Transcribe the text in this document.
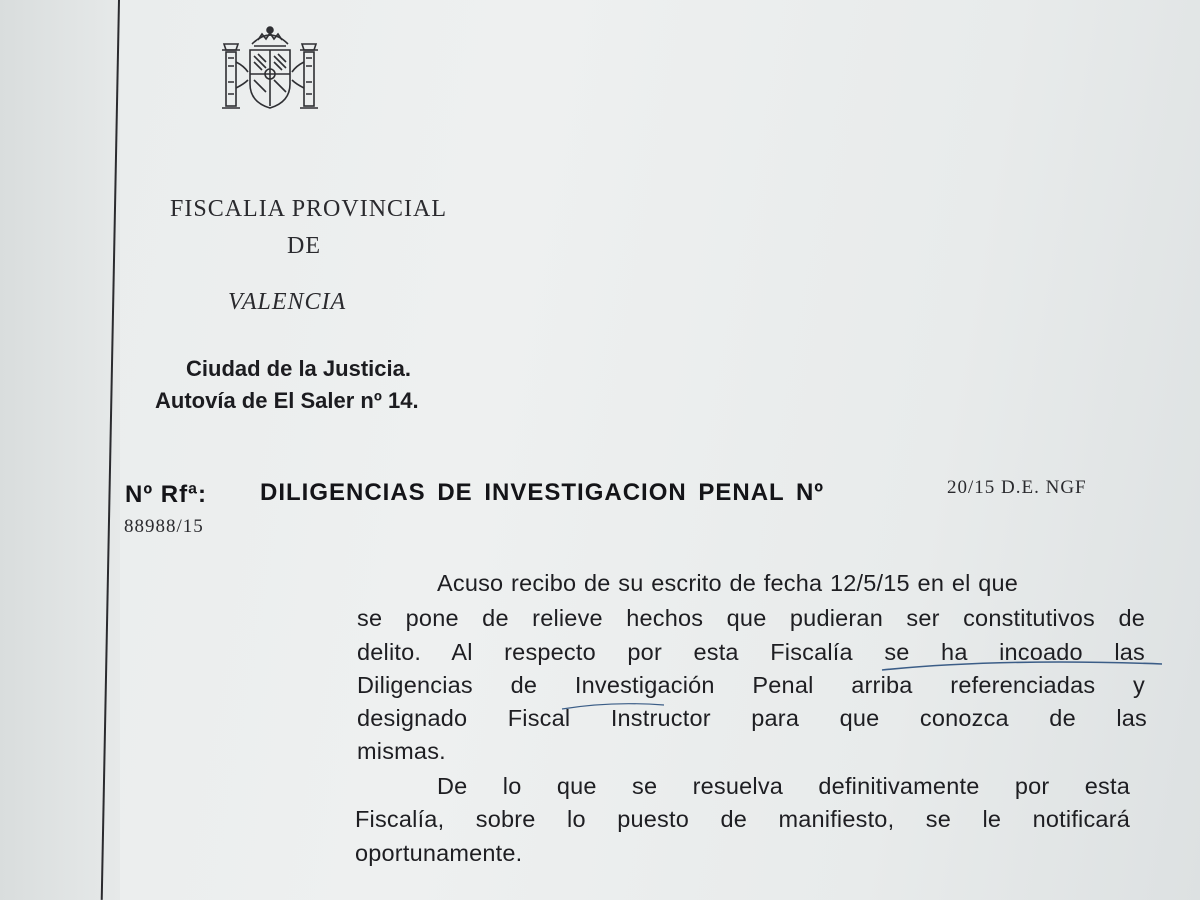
FISCALIA PROVINCIAL
DE
VALENCIA
Ciudad de la Justicia.
Autovía de El Saler nº 14.
Nº Rfª: DILIGENCIAS DE INVESTIGACION PENAL Nº	20/15 D.E. NGF
88988/15
Acuso recibo de su escrito de fecha 12/5/15 en el que
se pone de relieve hechos que pudieran ser constitutivos de
delito. Al respecto por esta Fiscalía se ha incoado las
Diligencias de Investigación Penal arriba referenciadas y
designado Fiscal Instructor para que conozca de las
mismas.
De lo que se resuelva definitivamente por esta
Fiscalía, sobre lo puesto de manifiesto, se le notificará
oportunamente.
